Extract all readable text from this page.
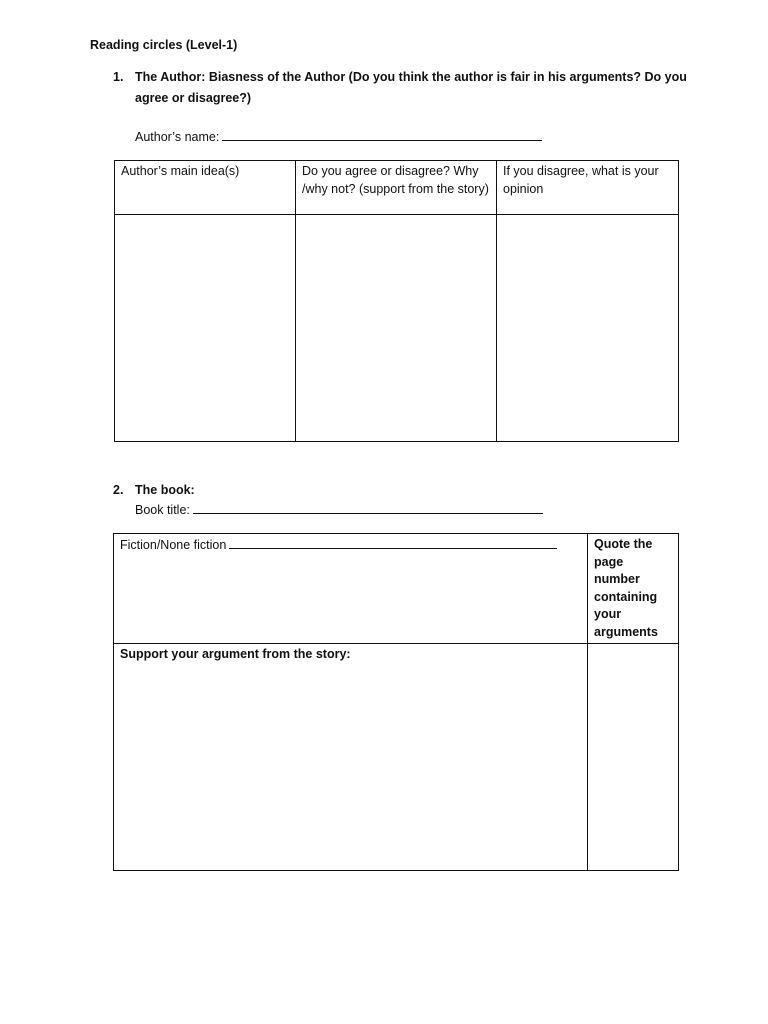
Reading circles (Level-1)
1. The Author: Biasness of the Author (Do you think the author is fair in his arguments? Do you
agree or disagree?)
Author’s name:
Author’s main idea(s)	Do you agree or disagree? Why /why not? (support from the story)	If you disagree, what is your opinion

2. The book:
Book title:
Fiction/None fiction	Quote the page number containing your arguments
Support your argument from the story:	
